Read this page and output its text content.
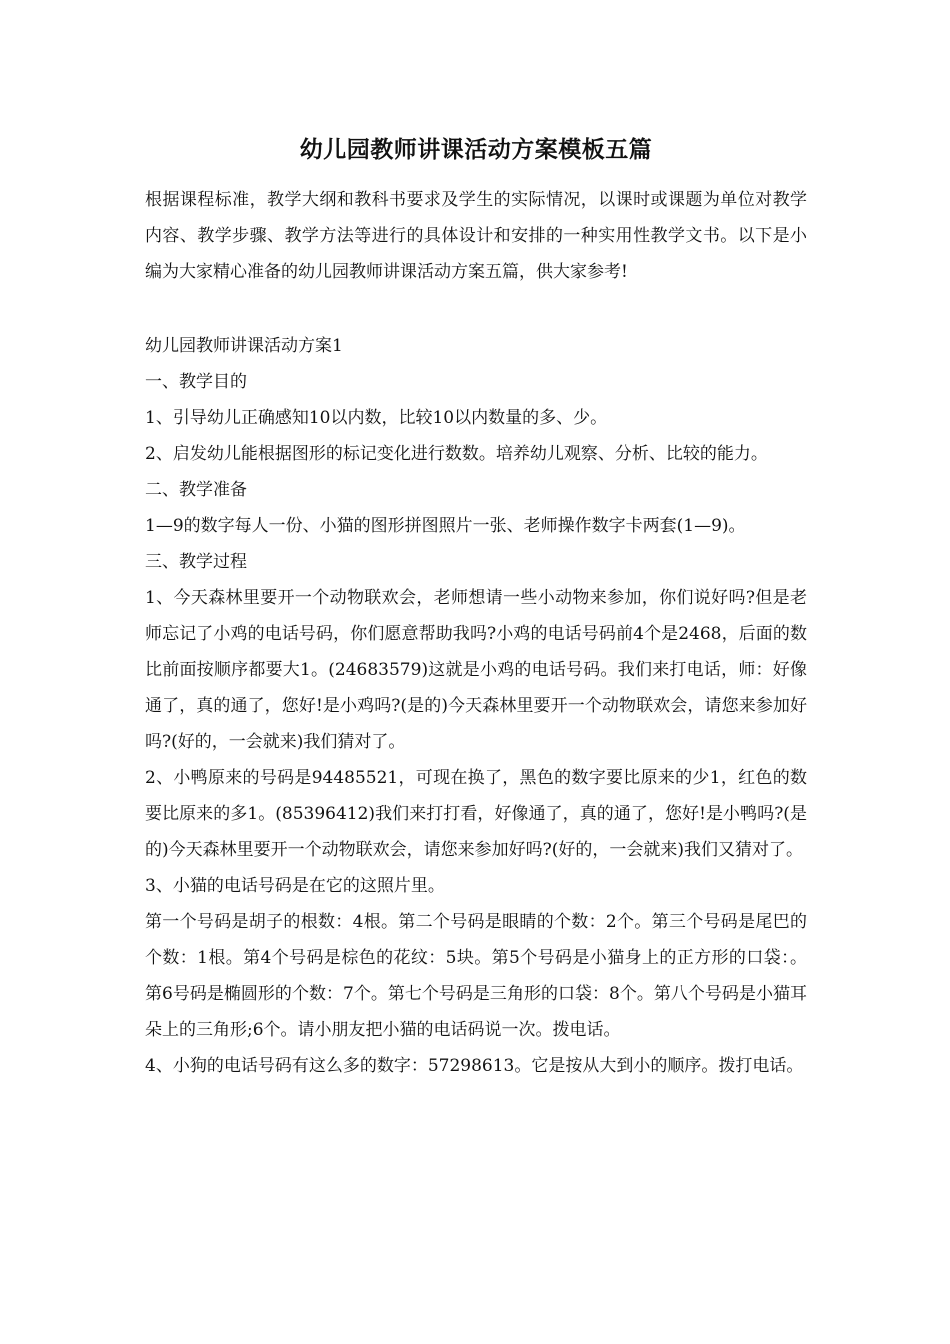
幼儿园教师讲课活动方案模板五篇

根据课程标准，教学大纲和教科书要求及学生的实际情况，以课时或课题为单位对教学内容、教学步骤、教学方法等进行的具体设计和安排的一种实用性教学文书。以下是小编为大家精心准备的幼儿园教师讲课活动方案五篇，供大家参考!

幼儿园教师讲课活动方案1

一、教学目的

1、引导幼儿正确感知10以内数，比较10以内数量的多、少。

2、启发幼儿能根据图形的标记变化进行数数。培养幼儿观察、分析、比较的能力。

二、教学准备

1—9的数字每人一份、小猫的图形拼图照片一张、老师操作数字卡两套(1—9)。

三、教学过程

1、今天森林里要开一个动物联欢会，老师想请一些小动物来参加，你们说好吗?但是老师忘记了小鸡的电话号码，你们愿意帮助我吗?小鸡的电话号码前4个是2468，后面的数比前面按顺序都要大1。(24683579)这就是小鸡的电话号码。我们来打电话，师：好像通了，真的通了，您好!是小鸡吗?(是的)今天森林里要开一个动物联欢会，请您来参加好吗?(好的，一会就来)我们猜对了。

2、小鸭原来的号码是94485521，可现在换了，黑色的数字要比原来的少1，红色的数要比原来的多1。(85396412)我们来打打看，好像通了，真的通了，您好!是小鸭吗?(是的)今天森林里要开一个动物联欢会，请您来参加好吗?(好的，一会就来)我们又猜对了。

3、小猫的电话号码是在它的这照片里。

第一个号码是胡子的根数：4根。第二个号码是眼睛的个数：2个。第三个号码是尾巴的个数：1根。第4个号码是棕色的花纹：5块。第5个号码是小猫身上的正方形的口袋：。第6号码是椭圆形的个数：7个。第七个号码是三角形的口袋：8个。第八个号码是小猫耳朵上的三角形;6个。请小朋友把小猫的电话码说一次。拨电话。

4、小狗的电话号码有这么多的数字：57298613。它是按从大到小的顺序。拨打电话。
